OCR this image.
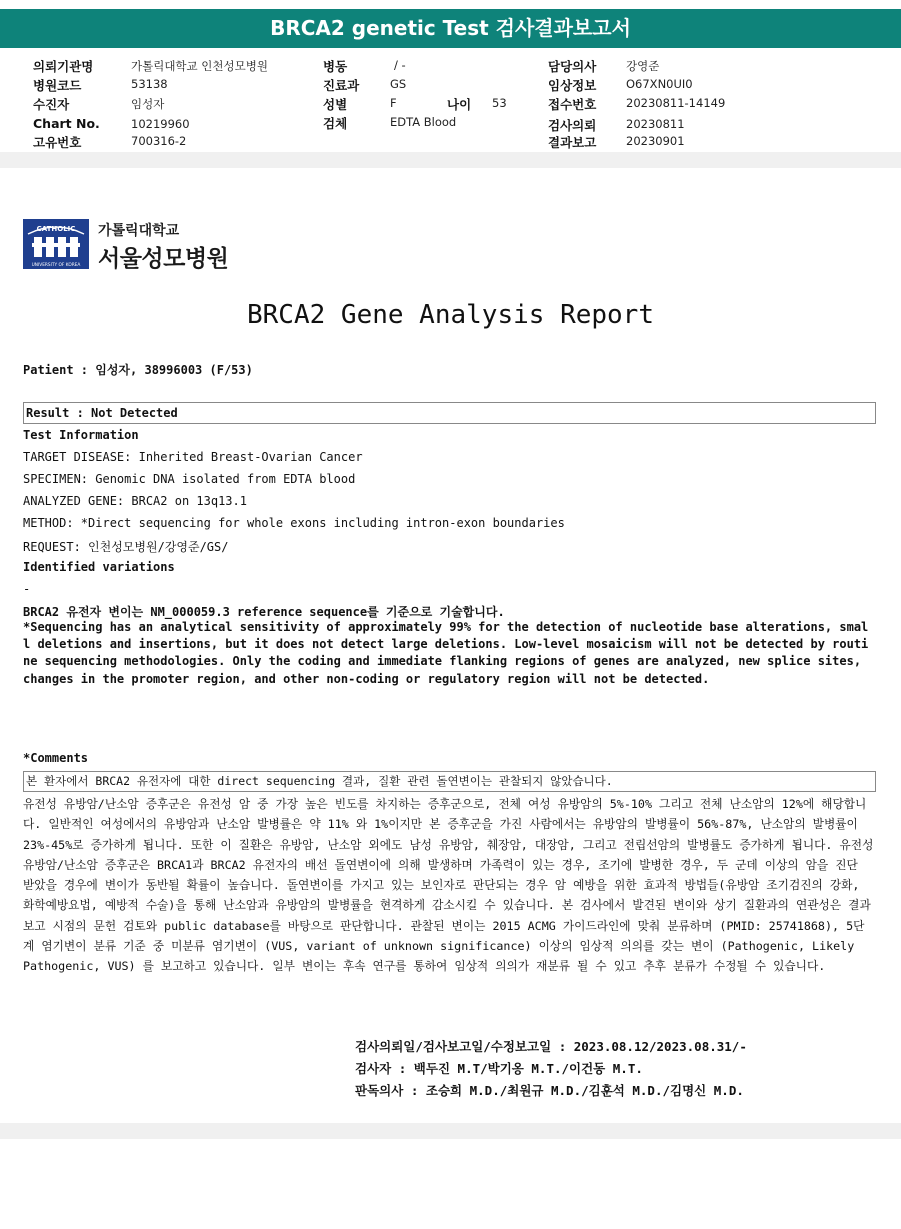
BRCA2 genetic Test 검사결과보고서
의뢰기관명	가톨릭대학교 인천성모병원
병원코드	53138
수진자	임성자
Chart No.	10219960
고유번호	700316-2
병동	/ -
진료과	GS
성별	F	나이 53
검체	EDTA Blood
담당의사	강영준
임상정보	O67XN0UI0
접수번호	20230811-14149
검사의뢰	20230811
결과보고	20230901
CATHOLIC
UNIVERSITY OF KOREA
가톨릭대학교
서울성모병원
BRCA2 Gene Analysis Report
Patient : 임성자, 38996003 (F/53)
Result : Not Detected
Test Information
TARGET DISEASE: Inherited Breast-Ovarian Cancer
SPECIMEN: Genomic DNA isolated from EDTA blood
ANALYZED GENE: BRCA2 on 13q13.1
METHOD: *Direct sequencing for whole exons including intron-exon boundaries
REQUEST: 인천성모병원/강영준/GS/
Identified variations
-
BRCA2 유전자 변이는 NM_000059.3 reference sequence를 기준으로 기술합니다.
*Sequencing has an analytical sensitivity of approximately 99% for the detection of nucleotide base alterations, small deletions and insertions, but it does not detect large deletions. Low-level mosaicism will not be detected by routine sequencing methodologies. Only the coding and immediate flanking regions of genes are analyzed, new splice sites, changes in the promoter region, and other non-coding or regulatory region will not be detected.
*Comments
본 환자에서 BRCA2 유전자에 대한 direct sequencing 결과, 질환 관련 돌연변이는 관찰되지 않았습니다.
유전성 유방암/난소암 증후군은 유전성 암 중 가장 높은 빈도를 차지하는 증후군으로, 전체 여성 유방암의 5%-10% 그리고 전체 난소암의 12%에 해당합니다. 일반적인 여성에서의 유방암과 난소암 발병률은 약 11% 와 1%이지만 본 증후군을 가진 사람에서는 유방암의 발병률이 56%-87%, 난소암의 발병률이 23%-45%로 증가하게 됩니다. 또한 이 질환은 유방암, 난소암 외에도 남성 유방암, 췌장암, 대장암, 그리고 전립선암의 발병률도 증가하게 됩니다. 유전성 유방암/난소암 증후군은 BRCA1과 BRCA2 유전자의 배선 돌연변이에 의해 발생하며 가족력이 있는 경우, 조기에 발병한 경우, 두 군데 이상의 암을 진단 받았을 경우에 변이가 동반될 확률이 높습니다. 돌연변이를 가지고 있는 보인자로 판단되는 경우 암 예방을 위한 효과적 방법들(유방암 조기검진의 강화, 화학예방요법, 예방적 수술)을 통해 난소암과 유방암의 발병률을 현격하게 감소시킬 수 있습니다. 본 검사에서 발견된 변이와 상기 질환과의 연관성은 결과 보고 시점의 문헌 검토와 public database를 바탕으로 판단합니다. 관찰된 변이는 2015 ACMG 가이드라인에 맞춰 분류하며 (PMID: 25741868), 5단계 염기변이 분류 기준 중 미분류 염기변이 (VUS, variant of unknown significance) 이상의 임상적 의의를 갖는 변이 (Pathogenic, Likely Pathogenic, VUS) 를 보고하고 있습니다. 일부 변이는 후속 연구를 통하여 임상적 의의가 재분류 될 수 있고 추후 분류가 수정될 수 있습니다.
검사의뢰일/검사보고일/수정보고일 : 2023.08.12/2023.08.31/-
검사자 : 백두진 M.T/박기옹 M.T./이건동 M.T.
판독의사 : 조승희 M.D./최원규 M.D./김훈석 M.D./김명신 M.D.
